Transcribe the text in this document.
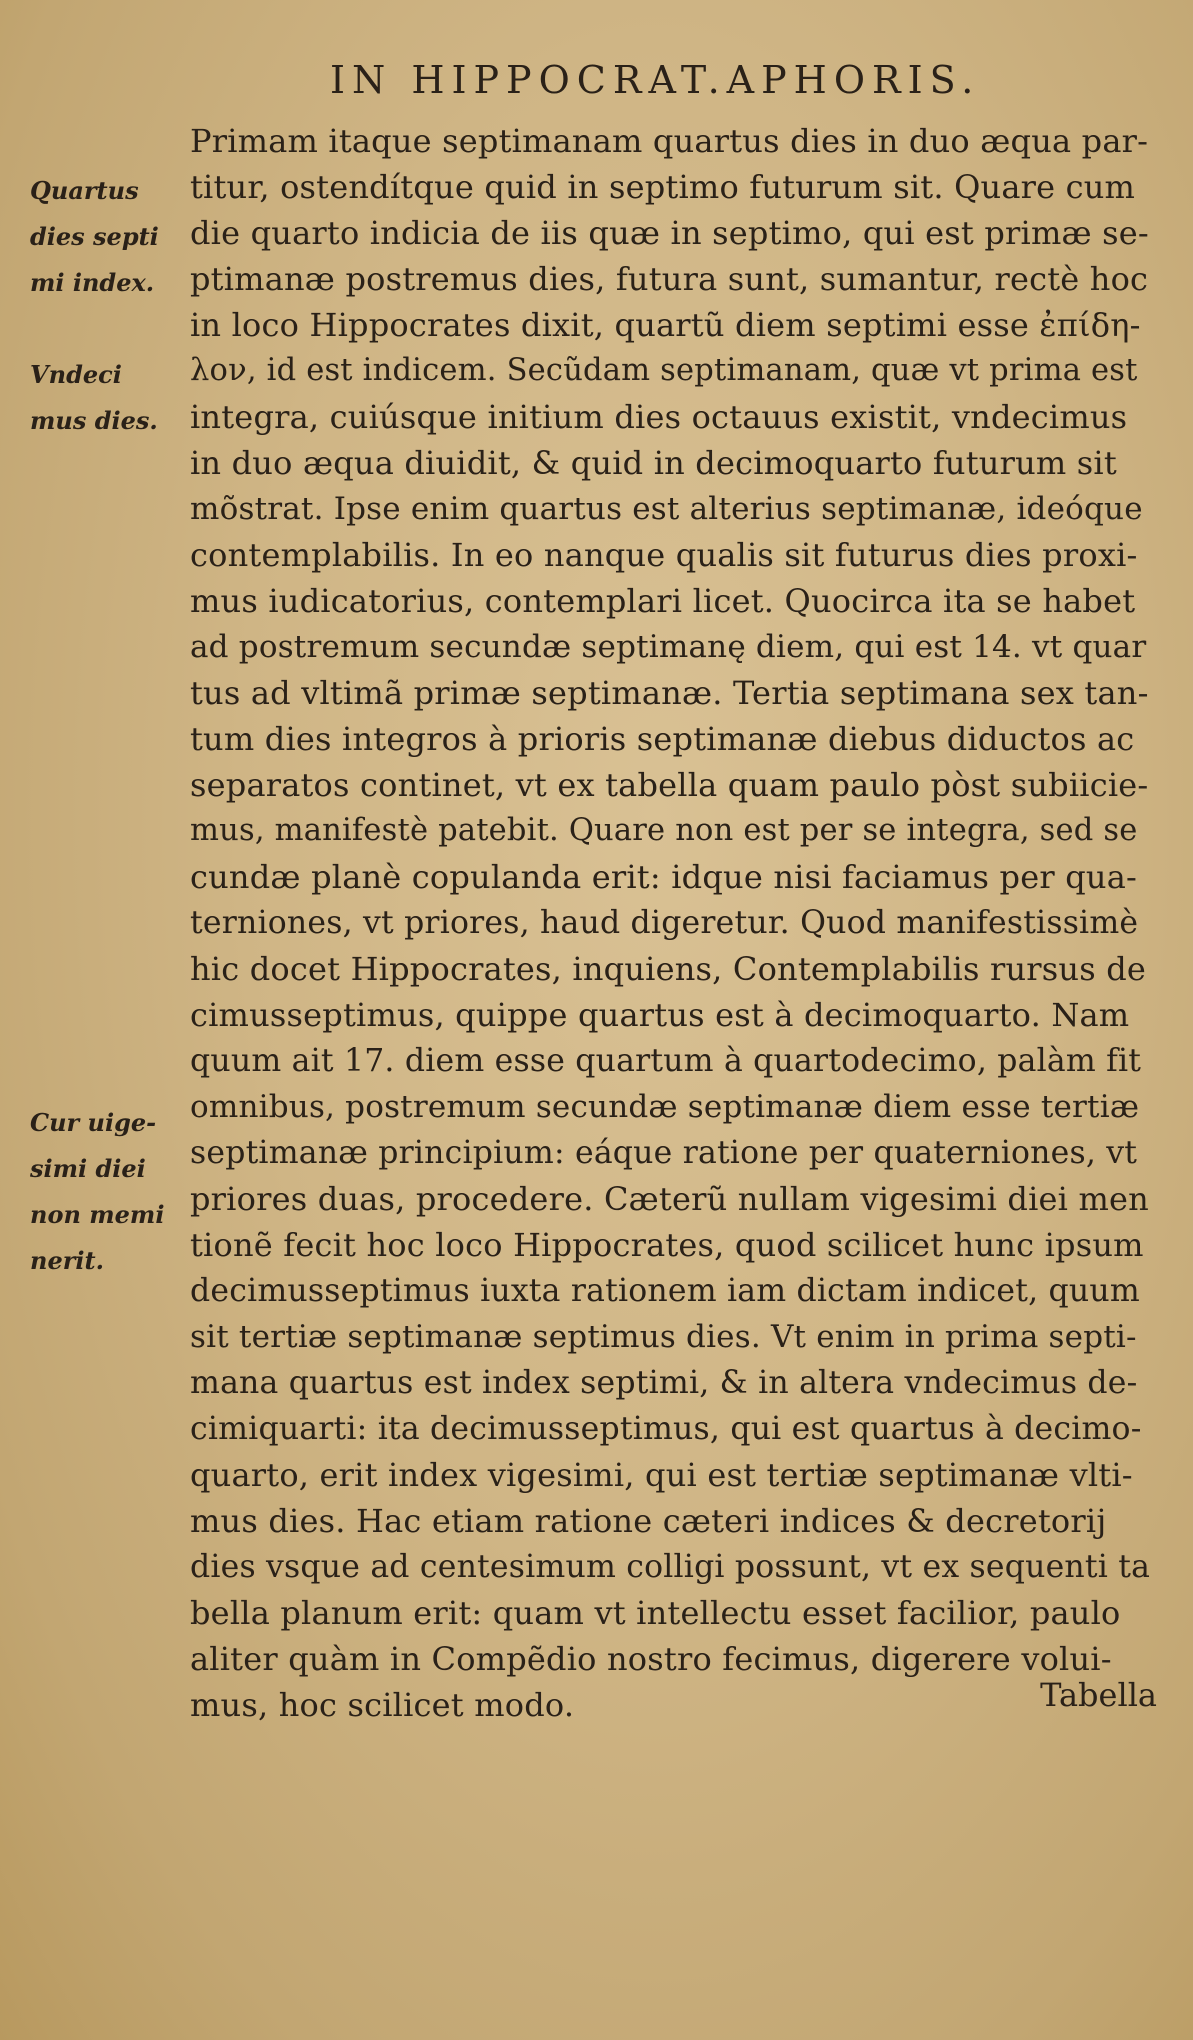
IN HIPPOCRAT.APHORIS.
Quartus
dies septi
mi index.
Vndeci
mus dies.
Cur uige-
simi diei
non memi
nerit.
Primam itaque septimanam quartus dies in duo æqua par-
titur, ostendítque quid in septimo futurum sit. Quare cum
die quarto indicia de iis quæ in septimo, qui est primæ se-
ptimanæ postremus dies, futura sunt, sumantur, rectè hoc
in loco Hippocrates dixit, quartũ diem septimi esse ἐπίδη-
λον, id est indicem. Secũdam septimanam, quæ vt prima est
integra, cuiúsque initium dies octauus existit, vndecimus
in duo æqua diuidit, & quid in decimoquarto futurum sit
mõstrat. Ipse enim quartus est alterius septimanæ, ideóque
contemplabilis. In eo nanque qualis sit futurus dies proxi-
mus iudicatorius, contemplari licet. Quocirca ita se habet
ad postremum secundæ septimanę diem, qui est 14. vt quar
tus ad vltimã primæ septimanæ. Tertia septimana sex tan-
tum dies integros à prioris septimanæ diebus diductos ac
separatos continet, vt ex tabella quam paulo pòst subiicie-
mus, manifestè patebit. Quare non est per se integra, sed se
cundæ planè copulanda erit: idque nisi faciamus per qua-
terniones, vt priores, haud digeretur. Quod manifestissimè
hic docet Hippocrates, inquiens, Contemplabilis rursus de
cimusseptimus, quippe quartus est à decimoquarto. Nam
quum ait 17. diem esse quartum à quartodecimo, palàm fit
omnibus, postremum secundæ septimanæ diem esse tertiæ
septimanæ principium: eáque ratione per quaterniones, vt
priores duas, procedere. Cæterũ nullam vigesimi diei men
tionẽ fecit hoc loco Hippocrates, quod scilicet hunc ipsum
decimusseptimus iuxta rationem iam dictam indicet, quum
sit tertiæ septimanæ septimus dies. Vt enim in prima septi-
mana quartus est index septimi, & in altera vndecimus de-
cimiquarti: ita decimusseptimus, qui est quartus à decimo-
quarto, erit index vigesimi, qui est tertiæ septimanæ vlti-
mus dies. Hac etiam ratione cæteri indices & decretorij
dies vsque ad centesimum colligi possunt, vt ex sequenti ta
bella planum erit: quam vt intellectu esset facilior, paulo
aliter quàm in Compẽdio nostro fecimus, digerere volui-
mus, hoc scilicet modo.	Tabella
